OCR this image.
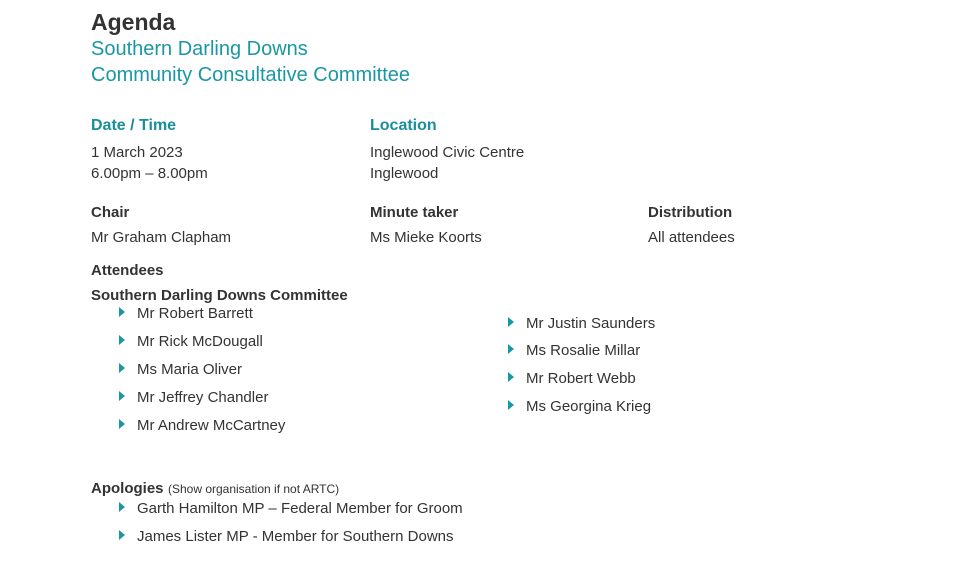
Agenda
Southern Darling Downs
Community Consultative Committee
Date / Time
1 March 2023
6.00pm – 8.00pm
Location
Inglewood Civic Centre
Inglewood
Chair
Mr Graham Clapham
Minute taker
Ms Mieke Koorts
Distribution
All attendees
Attendees
Southern Darling Downs Committee
Mr Robert Barrett
Mr Rick McDougall
Ms Maria Oliver
Mr Jeffrey Chandler
Mr Andrew McCartney
Mr Justin Saunders
Ms Rosalie Millar
Mr Robert Webb
Ms Georgina Krieg
Apologies (Show organisation if not ARTC)
Garth Hamilton MP – Federal Member for Groom
James Lister MP - Member for Southern Downs
